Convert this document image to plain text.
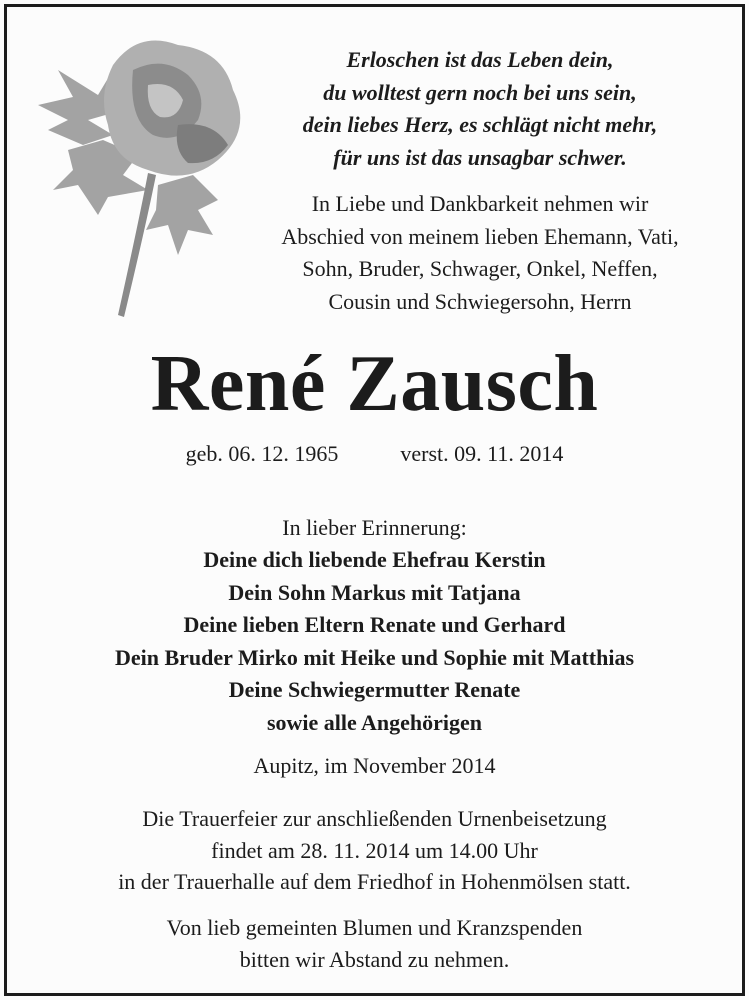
Erloschen ist das Leben dein,
du wolltest gern noch bei uns sein,
dein liebes Herz, es schlägt nicht mehr,
für uns ist das unsagbar schwer.
In Liebe und Dankbarkeit nehmen wir
Abschied von meinem lieben Ehemann, Vati,
Sohn, Bruder, Schwager, Onkel, Neffen,
Cousin und Schwiegersohn, Herrn
René Zausch
geb. 06. 12. 1965	verst. 09. 11. 2014
In lieber Erinnerung:
Deine dich liebende Ehefrau Kerstin
Dein Sohn Markus mit Tatjana
Deine lieben Eltern Renate und Gerhard
Dein Bruder Mirko mit Heike und Sophie mit Matthias
Deine Schwiegermutter Renate
sowie alle Angehörigen
Aupitz, im November 2014
Die Trauerfeier zur anschließenden Urnenbeisetzung
findet am 28. 11. 2014 um 14.00 Uhr
in der Trauerhalle auf dem Friedhof in Hohenmölsen statt.
Von lieb gemeinten Blumen und Kranzspenden
bitten wir Abstand zu nehmen.
